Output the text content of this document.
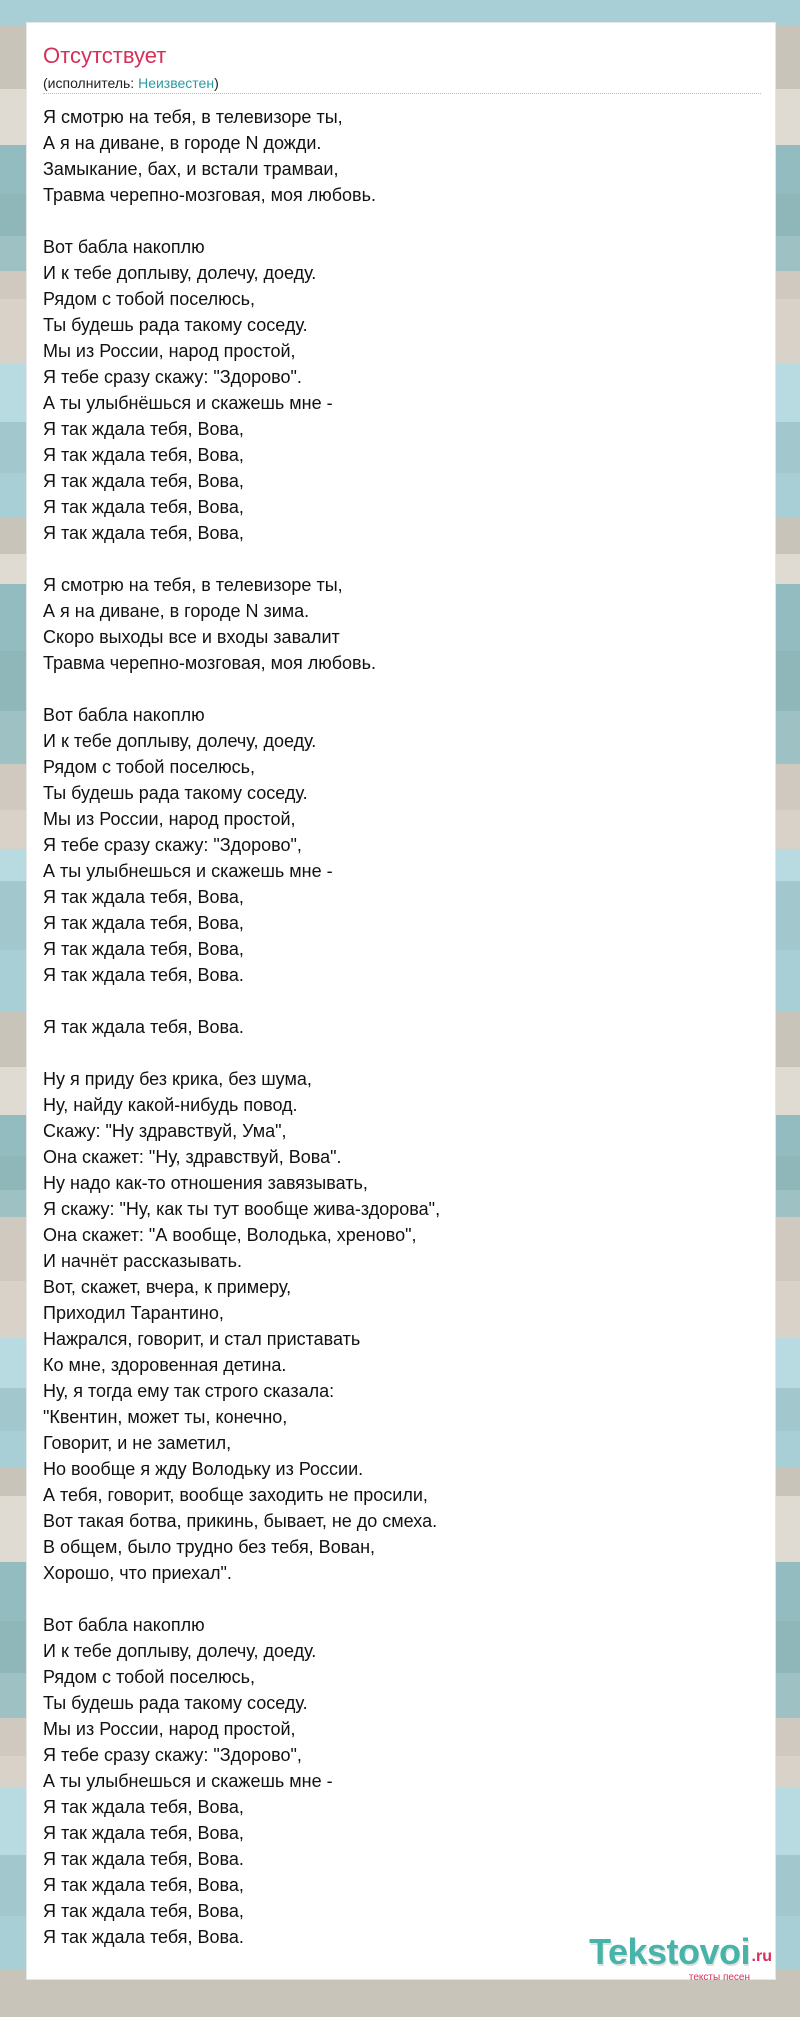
Отсутствует
(исполнитель: Неизвестен)
Я смотрю на тебя, в телевизоре ты,
А я на диване, в городе N дожди.
Замыкание, бах, и встали трамваи,
Травма черепно-мозговая, моя любовь.
Вот бабла накоплю
И к тебе доплыву, долечу, доеду.
Рядом с тобой поселюсь,
Ты будешь рада такому соседу.
Мы из России, народ простой,
Я тебе сразу скажу: "Здорово".
А ты улыбнёшься и скажешь мне -
Я так ждала тебя, Вова,
Я так ждала тебя, Вова,
Я так ждала тебя, Вова,
Я так ждала тебя, Вова,
Я так ждала тебя, Вова,
Я смотрю на тебя, в телевизоре ты,
А я на диване, в городе N зима.
Скоро выходы все и входы завалит
Травма черепно-мозговая, моя любовь.
Вот бабла накоплю
И к тебе доплыву, долечу, доеду.
Рядом с тобой поселюсь,
Ты будешь рада такому соседу.
Мы из России, народ простой,
Я тебе сразу скажу: "Здорово",
А ты улыбнешься и скажешь мне -
Я так ждала тебя, Вова,
Я так ждала тебя, Вова,
Я так ждала тебя, Вова,
Я так ждала тебя, Вова.
Я так ждала тебя, Вова.
Ну я приду без крика, без шума,
Ну, найду какой-нибудь повод.
Скажу: "Ну здравствуй, Ума",
Она скажет: "Ну, здравствуй, Вова".
Ну надо как-то отношения завязывать,
Я скажу: "Ну, как ты тут вообще жива-здорова",
Она скажет: "А вообще, Володька, хреново",
И начнёт рассказывать.
Вот, скажет, вчера, к примеру,
Приходил Тарантино,
Нажрался, говорит, и стал приставать
Ко мне, здоровенная детина.
Ну, я тогда ему так строго сказала:
"Квентин, может ты, конечно,
Говорит, и не заметил,
Но вообще я жду Володьку из России.
А тебя, говорит, вообще заходить не просили,
Вот такая ботва, прикинь, бывает, не до смеха.
В общем, было трудно без тебя, Вован,
Хорошо, что приехал".
Вот бабла накоплю
И к тебе доплыву, долечу, доеду.
Рядом с тобой поселюсь,
Ты будешь рада такому соседу.
Мы из России, народ простой,
Я тебе сразу скажу: "Здорово",
А ты улыбнешься и скажешь мне -
Я так ждала тебя, Вова,
Я так ждала тебя, Вова,
Я так ждала тебя, Вова.
Я так ждала тебя, Вова,
Я так ждала тебя, Вова,
Я так ждала тебя, Вова.	Tekstovoi .ru
тексты песен
